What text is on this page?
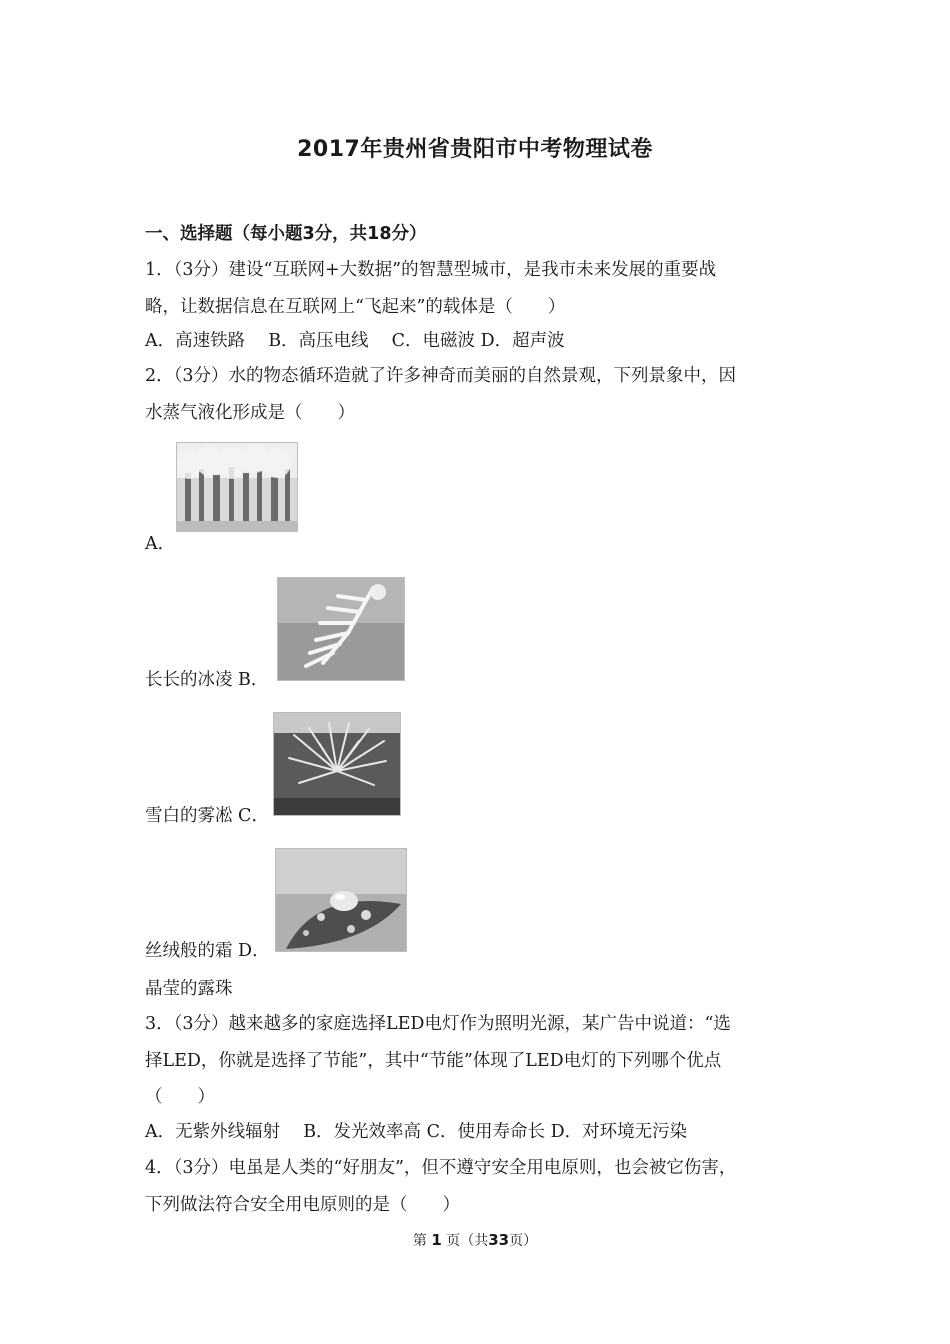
2017年贵州省贵阳市中考物理试卷
一、选择题（每小题3分，共18分）
1．（3分）建设“互联网+大数据”的智慧型城市，是我市未来发展的重要战
略，让数据信息在互联网上“飞起来”的载体是（　　）
A．高速铁路　 B．高压电线　 C．电磁波 D．超声波
2．（3分）水的物态循环造就了许多神奇而美丽的自然景观，下列景象中，因
水蒸气液化形成是（　　）
A．
长长的冰凌 B．
雪白的雾凇 C．
丝绒般的霜 D．
晶莹的露珠
3．（3分）越来越多的家庭选择LED电灯作为照明光源，某广告中说道：“选
择LED，你就是选择了节能”，其中“节能”体现了LED电灯的下列哪个优点
（　　）
A．无紫外线辐射　 B．发光效率高 C．使用寿命长 D．对环境无污染
4．（3分）电虽是人类的“好朋友”，但不遵守安全用电原则，也会被它伤害，
下列做法符合安全用电原则的是（　　）
第 1 页（共33页）
